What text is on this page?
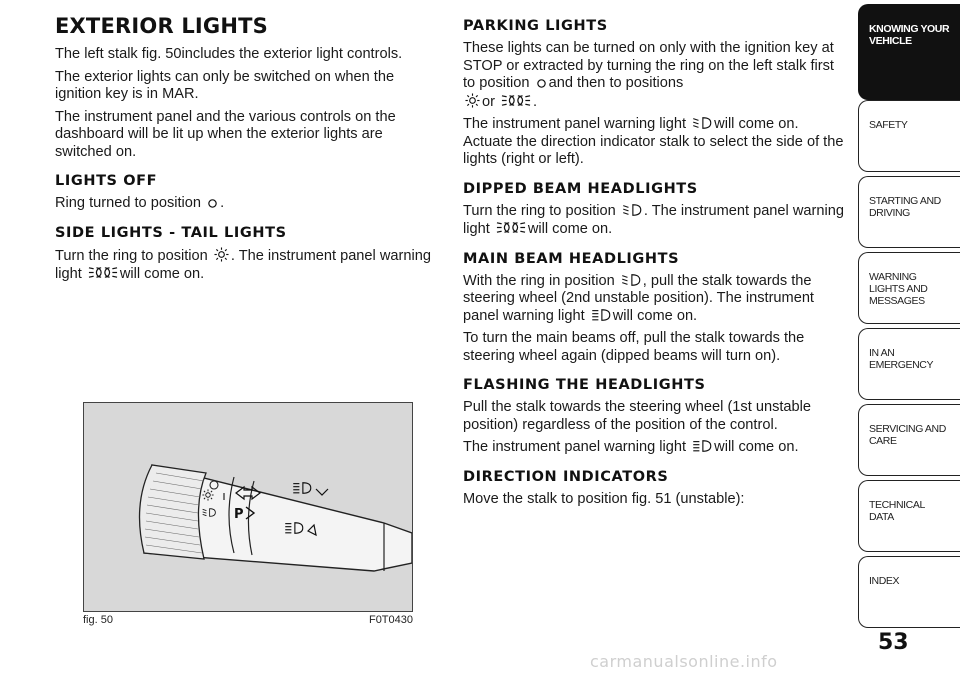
EXTERIOR LIGHTS

The left stalk fig. 50includes the exterior light controls.

The exterior lights can only be switched on when the ignition key is in MAR.

The instrument panel and the various controls on the dashboard will be lit up when the exterior lights are switched on.

LIGHTS OFF

Ring turned to position .

SIDE LIGHTS - TAIL LIGHTS

Turn the ring to position . The instrument panel warning light	will come on.

P
fig. 50	F0T0430
PARKING LIGHTS

These lights can be turned on only with the ignition key at STOP or extracted by turning the ring on the left stalk first to position and then to positions

or	.

The instrument panel warning light will come on. Actuate the direction indicator stalk to select the side of the lights (right or left).

DIPPED BEAM HEADLIGHTS

Turn the ring to position . The instrument panel warning light	will come on.

MAIN BEAM HEADLIGHTS

With the ring in position , pull the stalk towards the steering wheel (2nd unstable position). The instrument panel warning light will come on.

To turn the main beams off, pull the stalk towards the steering wheel again (dipped beams will turn on).

FLASHING THE HEADLIGHTS

Pull the stalk towards the steering wheel (1st unstable position) regardless of the position of the control.

The instrument panel warning light will come on.

DIRECTION INDICATORS

Move the stalk to position fig. 51 (unstable):

KNOWING YOUR VEHICLE
SAFETY
STARTING AND DRIVING
WARNING LIGHTS AND MESSAGES
IN AN EMERGENCY
SERVICING AND CARE
TECHNICAL DATA
INDEX
53
carmanualsonline.info
